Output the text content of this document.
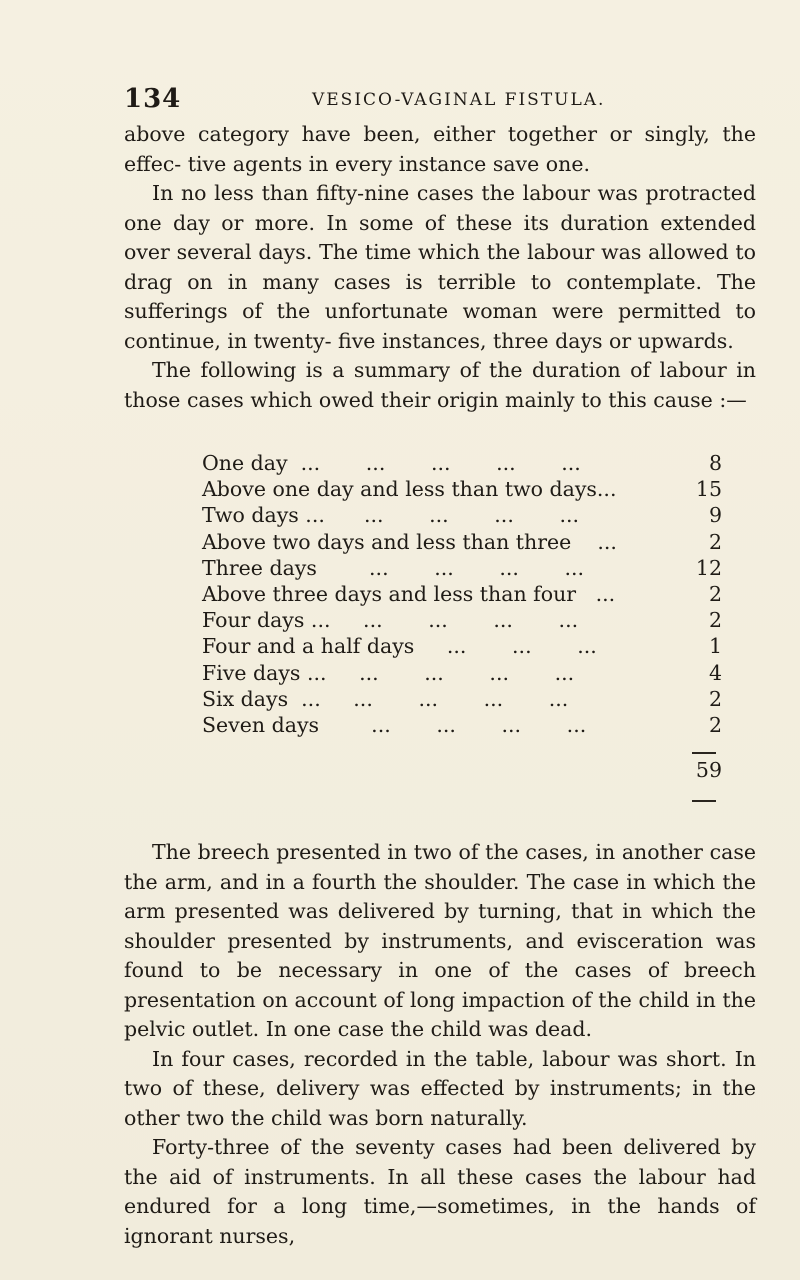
134	VESICO-VAGINAL FISTULA.

above category have been, either together or singly, the effec- tive agents in every instance save one.

In no less than fifty-nine cases the labour was protracted one day or more. In some of these its duration extended over several days. The time which the labour was allowed to drag on in many cases is terrible to contemplate. The sufferings of the unfortunate woman were permitted to continue, in twenty- five instances, three days or upwards.

The following is a summary of the duration of labour in those cases which owed their origin mainly to this cause :—

One day  ...       ...       ...       ...       ...	8
Above one day and less than two days...	15
Two days ...      ...       ...       ...       ...	9
Above two days and less than three    ...	2
Three days        ...       ...       ...       ...	12
Above three days and less than four   ...	2
Four days ...     ...       ...       ...       ...	2
Four and a half days     ...       ...       ...	1
Five days ...     ...       ...       ...       ...	4
Six days  ...     ...       ...       ...       ...	2
Seven days        ...       ...       ...       ...	2
59

The breech presented in two of the cases, in another case the arm, and in a fourth the shoulder. The case in which the arm presented was delivered by turning, that in which the shoulder presented by instruments, and evisceration was found to be necessary in one of the cases of breech presentation on account of long impaction of the child in the pelvic outlet. In one case the child was dead.

In four cases, recorded in the table, labour was short. In two of these, delivery was effected by instruments; in the other two the child was born naturally.

Forty-three of the seventy cases had been delivered by the aid of instruments. In all these cases the labour had endured for a long time,—sometimes, in the hands of ignorant nurses,
